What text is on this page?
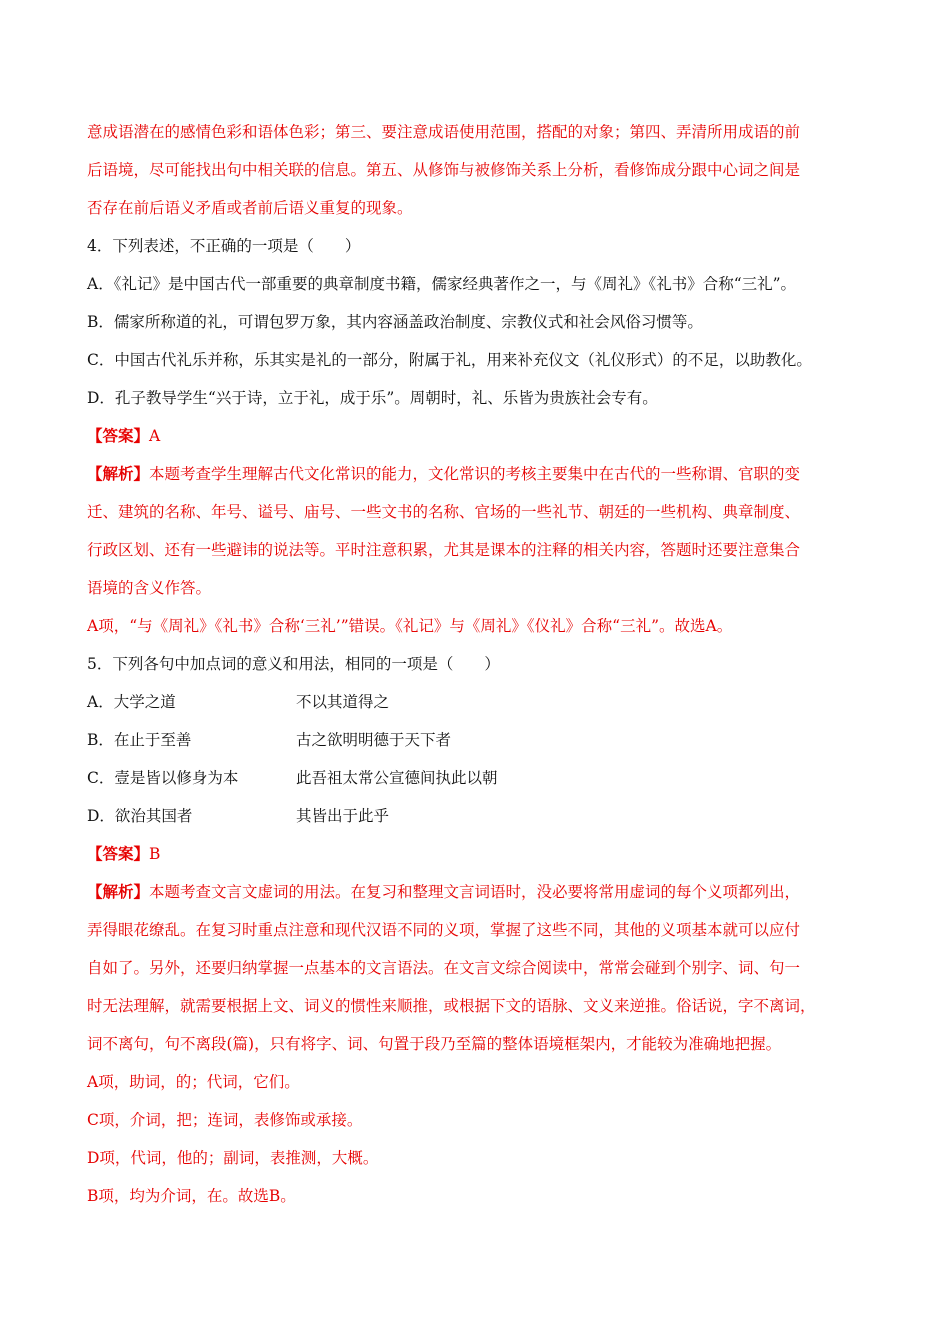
意成语潜在的感情色彩和语体色彩；第三、要注意成语使用范围，搭配的对象；第四、弄清所用成语的前
后语境，尽可能找出句中相关联的信息。第五、从修饰与被修饰关系上分析，看修饰成分跟中心词之间是
否存在前后语义矛盾或者前后语义重复的现象。
4．下列表述，不正确的一项是（　　）
A．《礼记》是中国古代一部重要的典章制度书籍，儒家经典著作之一，与《周礼》《礼书》合称“三礼”。
B．儒家所称道的礼，可谓包罗万象，其内容涵盖政治制度、宗教仪式和社会风俗习惯等。
C．中国古代礼乐并称，乐其实是礼的一部分，附属于礼，用来补充仪文（礼仪形式）的不足，以助教化。
D．孔子教导学生“兴于诗，立于礼，成于乐”。周朝时，礼、乐皆为贵族社会专有。
【答案】A
【解析】本题考查学生理解古代文化常识的能力，文化常识的考核主要集中在古代的一些称谓、官职的变
迁、建筑的名称、年号、谥号、庙号、一些文书的名称、官场的一些礼节、朝廷的一些机构、典章制度、
行政区划、还有一些避讳的说法等。平时注意积累，尤其是课本的注释的相关内容，答题时还要注意集合
语境的含义作答。
A项，“与《周礼》《礼书》合称‘三礼’”错误。《礼记》与《周礼》《仪礼》合称“三礼”。故选A。
5．下列各句中加点词的意义和用法，相同的一项是（　　）
A．大学之道	不以其道得之
B．在止于至善	古之欲明明德于天下者
C．壹是皆以修身为本	此吾祖太常公宣德间执此以朝
D．欲治其国者	其皆出于此乎
【答案】B
【解析】本题考查文言文虚词的用法。在复习和整理文言词语时，没必要将常用虚词的每个义项都列出，
弄得眼花缭乱。在复习时重点注意和现代汉语不同的义项，掌握了这些不同，其他的义项基本就可以应付
自如了。另外，还要归纳掌握一点基本的文言语法。在文言文综合阅读中，常常会碰到个别字、词、句一
时无法理解，就需要根据上文、词义的惯性来顺推，或根据下文的语脉、文义来逆推。俗话说，字不离词，
词不离句，句不离段(篇)，只有将字、词、句置于段乃至篇的整体语境框架内，才能较为准确地把握。
A项，助词，的；代词，它们。
C项，介词，把；连词，表修饰或承接。
D项，代词，他的；副词，表推测，大概。
B项，均为介词，在。故选B。
